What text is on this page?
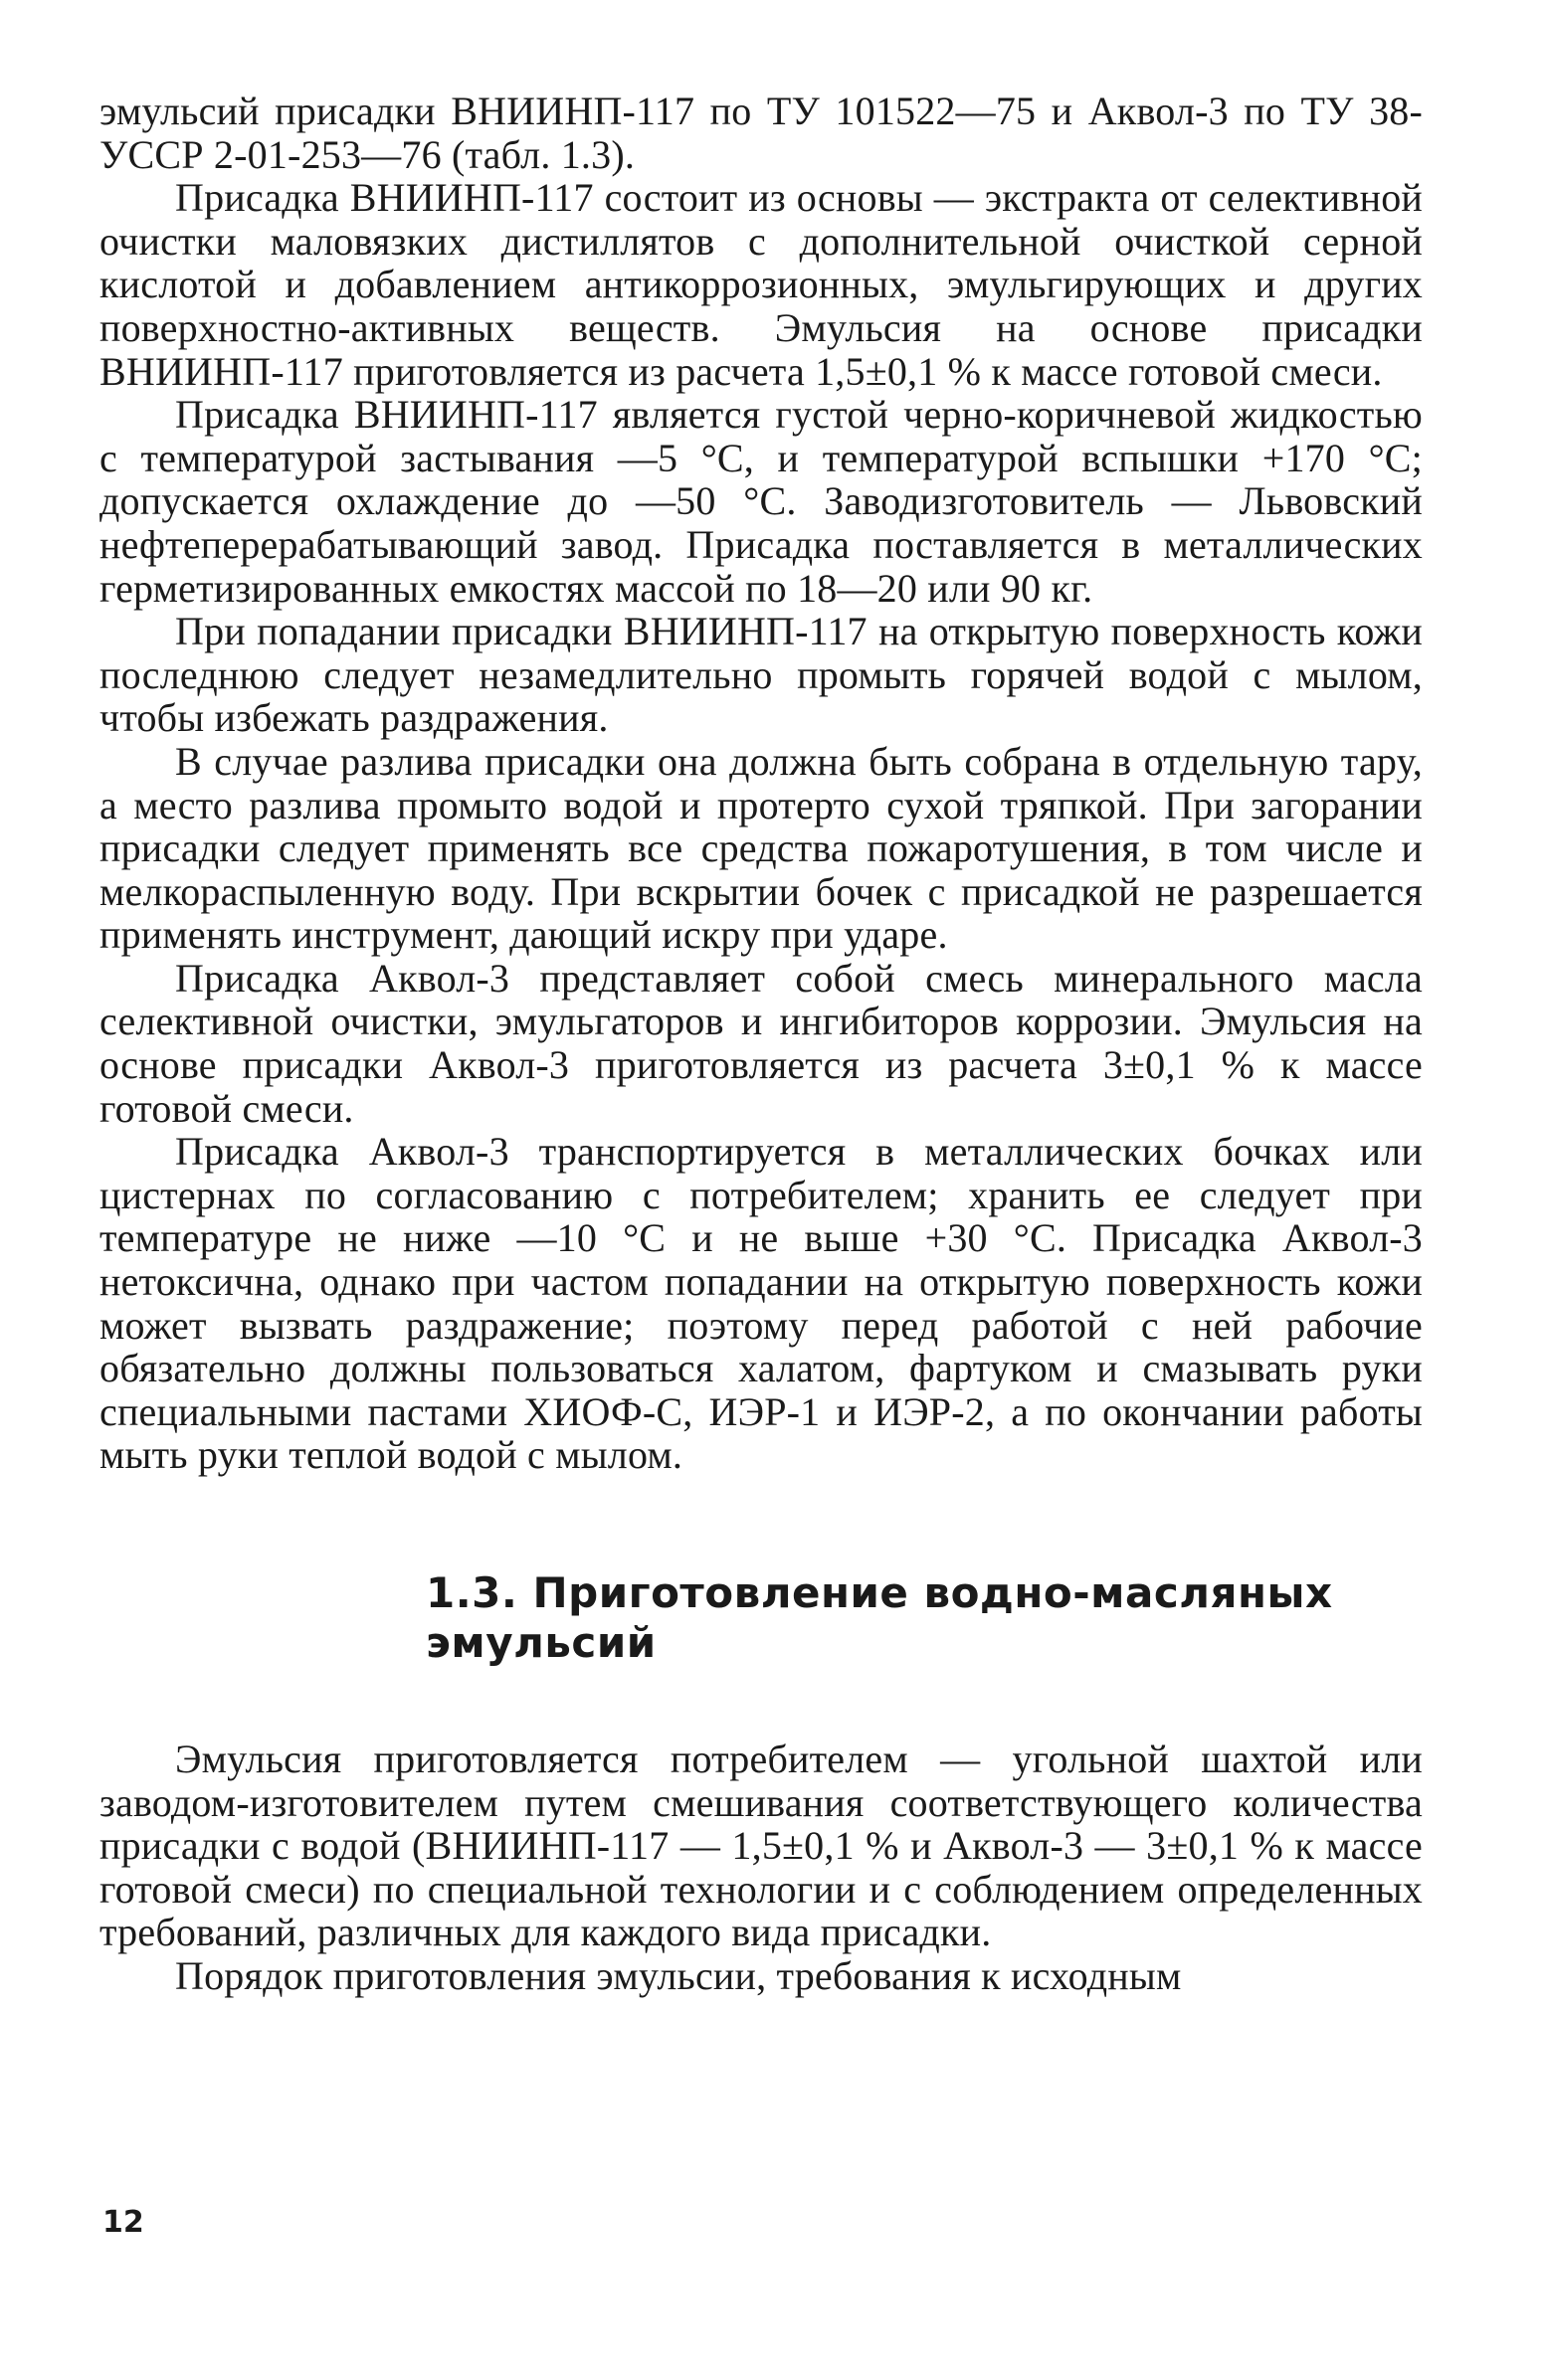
эмульсий присадки ВНИИНП-117 по ТУ 101522—75 и Аквол-3 по ТУ 38-УССР 2-01-253—76 (табл. 1.3).

Присадка ВНИИНП-117 состоит из основы — экстракта от селективной очистки маловязких дистиллятов с дополнительной очисткой серной кислотой и добавлением антикоррозионных, эмульгирующих и других поверхностно-активных веществ. Эмульсия на основе присадки ВНИИНП-117 приготовляется из расчета 1,5±0,1 % к массе готовой смеси.

Присадка ВНИИНП-117 является густой черно-коричневой жидкостью с температурой застывания —5 °С, и температурой вспышки +170 °С; допускается охлаждение до —50 °С. Заводизготовитель — Львовский нефтеперерабатывающий завод. Присадка поставляется в металлических герметизированных емкостях массой по 18—20 или 90 кг.

При попадании присадки ВНИИНП-117 на открытую поверхность кожи последнюю следует незамедлительно промыть горячей водой с мылом, чтобы избежать раздражения.

В случае разлива присадки она должна быть собрана в отдельную тару, а место разлива промыто водой и протерто сухой тряпкой. При загорании присадки следует применять все средства пожаротушения, в том числе и мелкораспыленную воду. При вскрытии бочек с присадкой не разрешается применять инструмент, дающий искру при ударе.

Присадка Аквол-3 представляет собой смесь минерального масла селективной очистки, эмульгаторов и ингибиторов коррозии. Эмульсия на основе присадки Аквол-3 приготовляется из расчета 3±0,1 % к массе готовой смеси.

Присадка Аквол-3 транспортируется в металлических бочках или цистернах по согласованию с потребителем; хранить ее следует при температуре не ниже —10 °С и не выше +30 °С. Присадка Аквол-3 нетоксична, однако при частом попадании на открытую поверхность кожи может вызвать раздражение; поэтому перед работой с ней рабочие обязательно должны пользоваться халатом, фартуком и смазывать руки специальными пастами ХИОФ-С, ИЭР-1 и ИЭР-2, а по окончании работы мыть руки теплой водой с мылом.

1.3. Приготовление водно-масляных
эмульсий

Эмульсия приготовляется потребителем — угольной шахтой или заводом-изготовителем путем смешивания соответствующего количества присадки с водой (ВНИИНП-117 — 1,5±0,1 % и Аквол-3 — 3±0,1 % к массе готовой смеси) по специальной технологии и с соблюдением определенных требований, различных для каждого вида присадки.

Порядок приготовления эмульсии, требования к исходным

12
